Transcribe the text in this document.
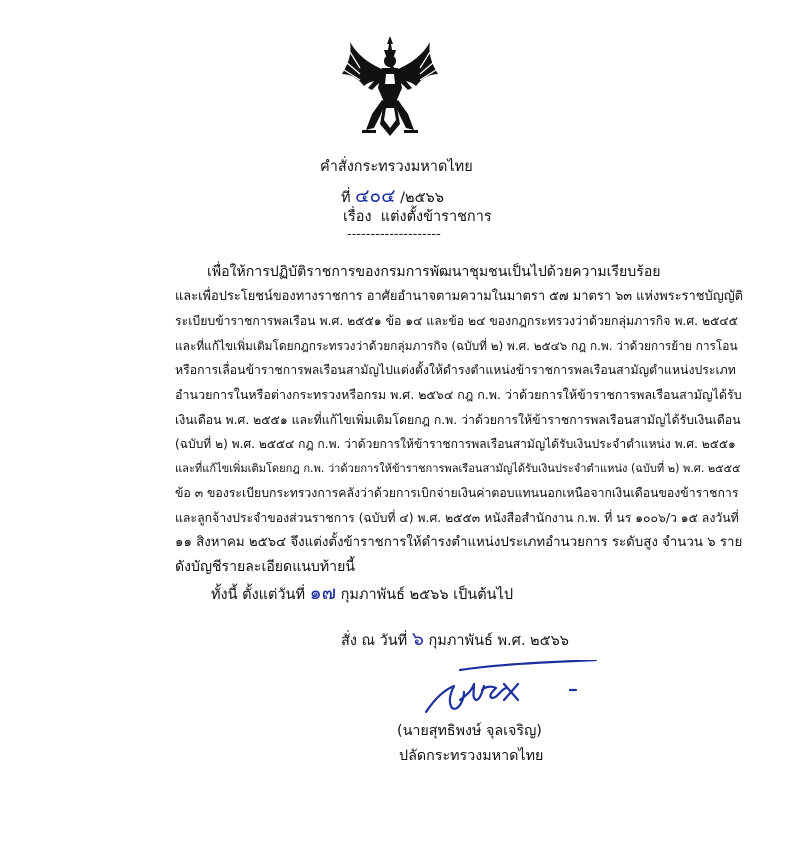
คำสั่งกระทรวงมหาดไทย
ที่ ๔๐๔ /๒๕๖๖
เรื่อง แต่งตั้งข้าราชการ
--------------------
เพื่อให้การปฏิบัติราชการของกรมการพัฒนาชุมชนเป็นไปด้วยความเรียบร้อย
และเพื่อประโยชน์ของทางราชการ อาศัยอำนาจตามความในมาตรา ๕๗ มาตรา ๖๓ แห่งพระราชบัญญัติ
ระเบียบข้าราชการพลเรือน พ.ศ. ๒๕๕๑ ข้อ ๑๔ และข้อ ๒๔ ของกฎกระทรวงว่าด้วยกลุ่มภารกิจ พ.ศ. ๒๕๔๕
และที่แก้ไขเพิ่มเติมโดยกฎกระทรวงว่าด้วยกลุ่มภารกิจ (ฉบับที่ ๒) พ.ศ. ๒๕๔๖ กฎ ก.พ. ว่าด้วยการย้าย การโอน
หรือการเลื่อนข้าราชการพลเรือนสามัญไปแต่งตั้งให้ดำรงตำแหน่งข้าราชการพลเรือนสามัญตำแหน่งประเภท
อำนวยการในหรือต่างกระทรวงหรือกรม พ.ศ. ๒๕๖๔ กฎ ก.พ. ว่าด้วยการให้ข้าราชการพลเรือนสามัญได้รับ
เงินเดือน พ.ศ. ๒๕๕๑ และที่แก้ไขเพิ่มเติมโดยกฎ ก.พ. ว่าด้วยการให้ข้าราชการพลเรือนสามัญได้รับเงินเดือน
(ฉบับที่ ๒) พ.ศ. ๒๕๕๔ กฎ ก.พ. ว่าด้วยการให้ข้าราชการพลเรือนสามัญได้รับเงินประจำตำแหน่ง พ.ศ. ๒๕๕๑
และที่แก้ไขเพิ่มเติมโดยกฎ ก.พ. ว่าด้วยการให้ข้าราชการพลเรือนสามัญได้รับเงินประจำตำแหน่ง (ฉบับที่ ๒) พ.ศ. ๒๕๕๕
ข้อ ๓ ของระเบียบกระทรวงการคลังว่าด้วยการเบิกจ่ายเงินค่าตอบแทนนอกเหนือจากเงินเดือนของข้าราชการ
และลูกจ้างประจำของส่วนราชการ (ฉบับที่ ๔) พ.ศ. ๒๕๕๓ หนังสือสำนักงาน ก.พ. ที่ นร ๑๐๐๖/ว ๑๕ ลงวันที่
๑๑ สิงหาคม ๒๕๖๔ จึงแต่งตั้งข้าราชการให้ดำรงตำแหน่งประเภทอำนวยการ ระดับสูง จำนวน ๖ ราย
ดังบัญชีรายละเอียดแนบท้ายนี้
ทั้งนี้ ตั้งแต่วันที่ ๑๗ กุมภาพันธ์ ๒๕๖๖ เป็นต้นไป
สั่ง ณ วันที่ ๖ กุมภาพันธ์ พ.ศ. ๒๕๖๖
(นายสุทธิพงษ์ จุลเจริญ)
ปลัดกระทรวงมหาดไทย
